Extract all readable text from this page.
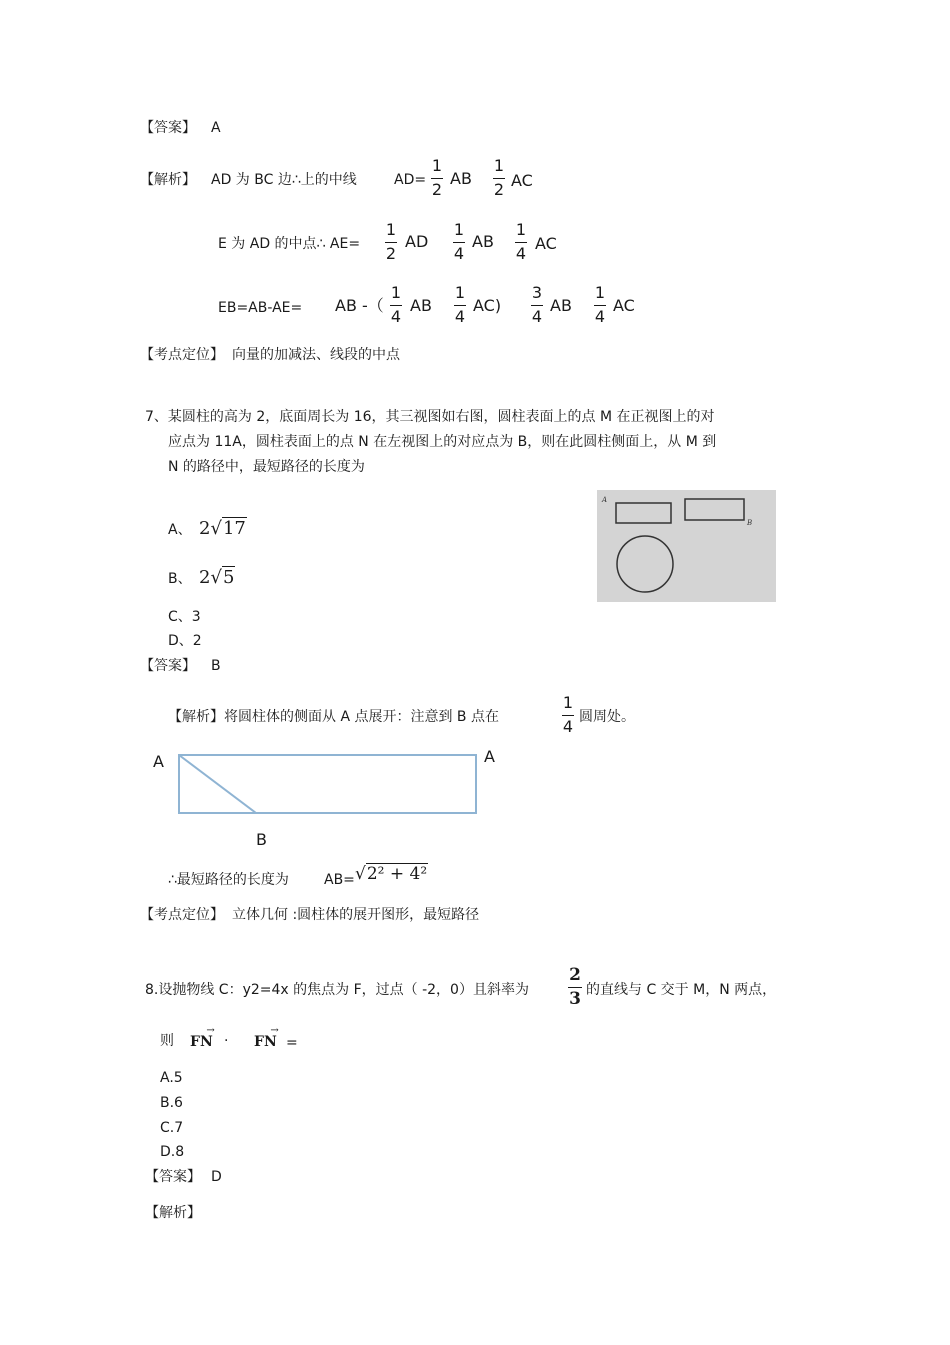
【答案】 A
【解析】 AD 为 BC 边∴上的中线	AD=
1
2
AB
1
2 AC
E 为 AD 的中点∴ AE=
1
2
AD
1
4
AB
1
4
AC
EB=AB-AE= AB -（
1
4
AB
1
4
AC)
3
4
AB
1
4
AC
【考点定位】 向量的加减法、线段的中点
7、某圆柱的高为 2，底面周长为 16，其三视图如右图，圆柱表面上的点 M 在正视图上的对
应点为 11A，圆柱表面上的点 N 在左视图上的对应点为 B，则在此圆柱侧面上，从 M 到
N 的路径中，最短路径的长度为
A、 2√17
B、 2√5
C、3
D、2
A
B
【答案】 B
【解析】将圆柱体的侧面从 A 点展开：注意到 B 点在
1
4 圆周处。
A	A
B
∴最短路径的长度为	AB= √2² + 4²
【考点定位】 立体几何 :圆柱体的展开图形，最短路径
8.设抛物线 C：y2=4x 的焦点为 F，过点（ -2，0）且斜率为
2
3 的直线与 C 交于 M，N 两点，
则 FN
→
· FN
→
=
A.5
B.6
C.7
D.8
【答案】 D
【解析】
